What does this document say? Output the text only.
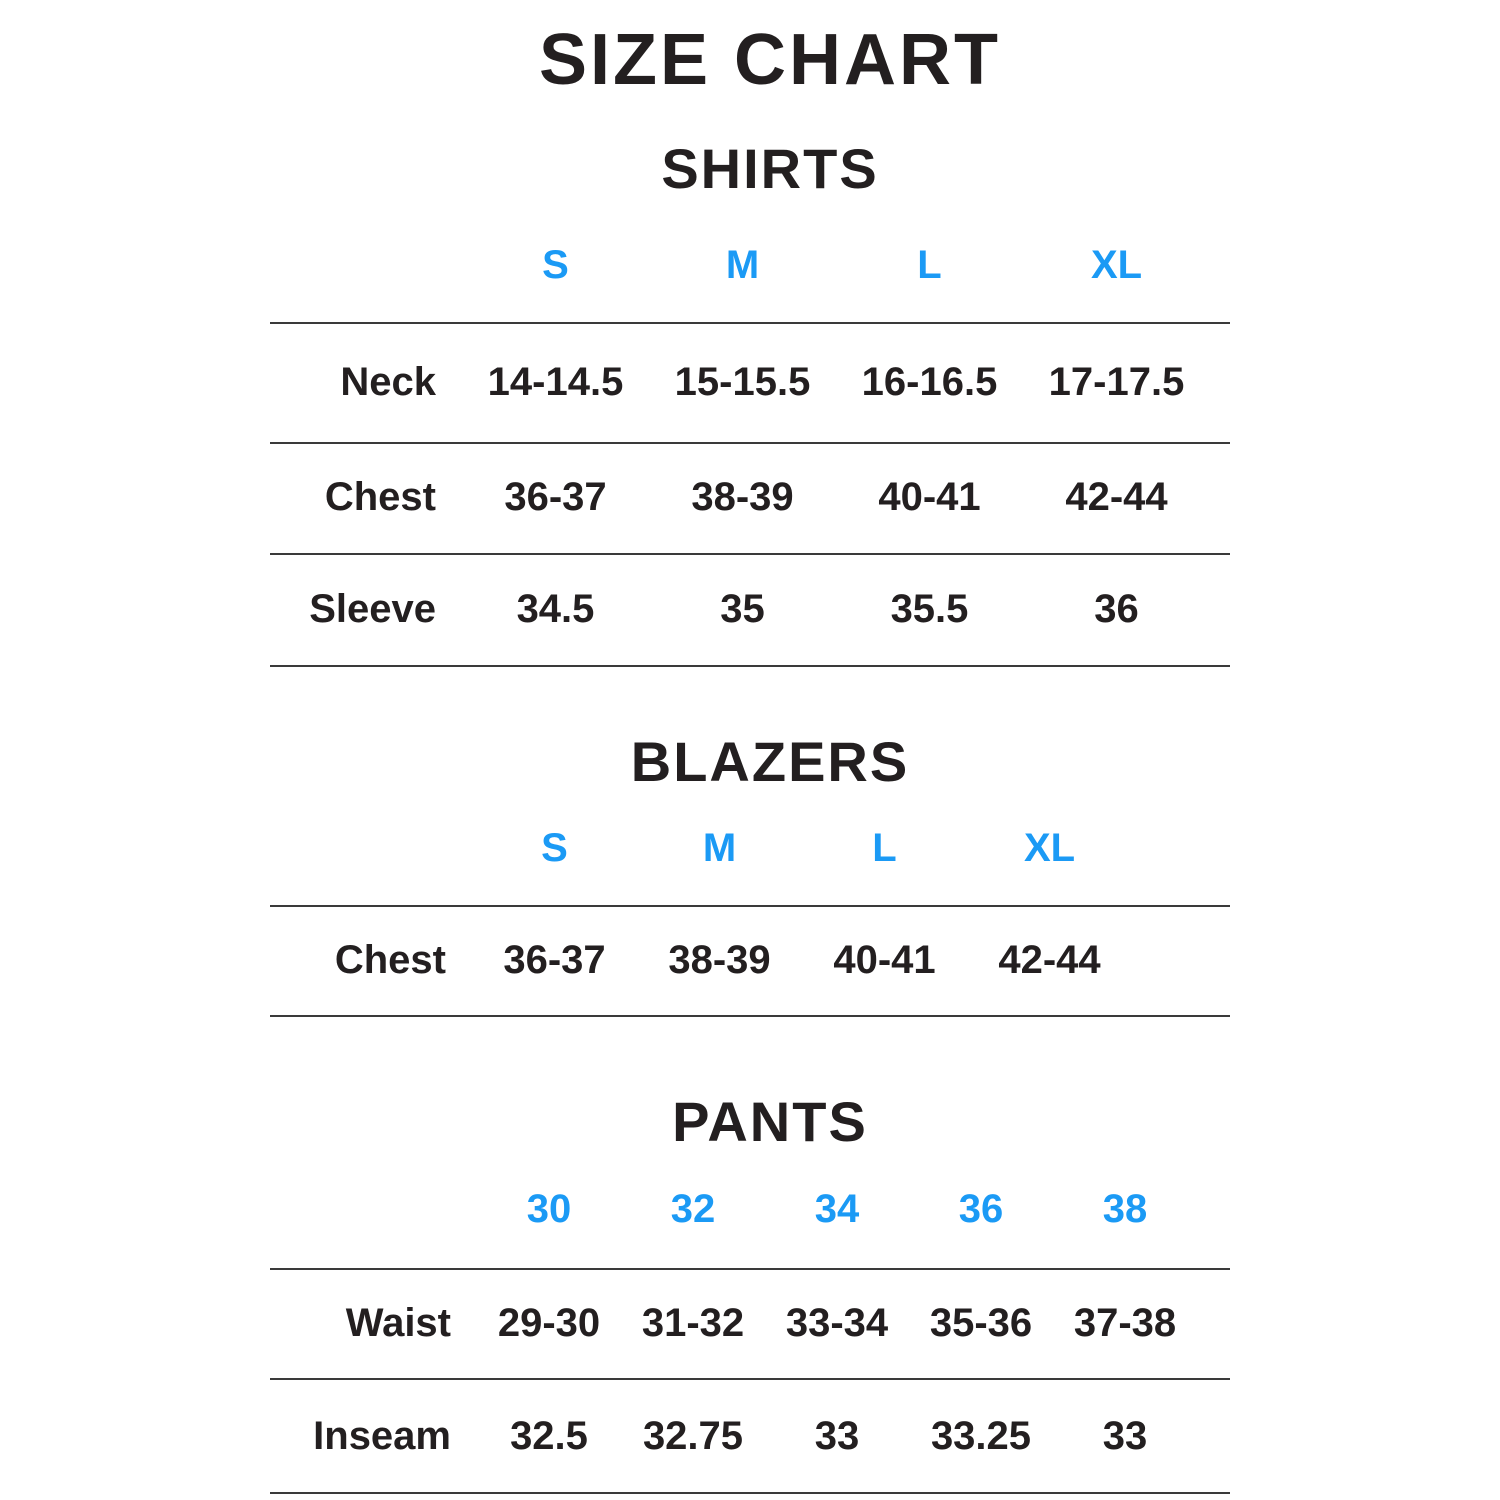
SIZE CHART
SHIRTS
S	M	L	XL
Neck	14-14.5	15-15.5	16-16.5	17-17.5
Chest	36-37	38-39	40-41	42-44
Sleeve	34.5	35	35.5	36
BLAZERS
S	M	L	XL
Chest	36-37	38-39	40-41	42-44
PANTS
30	32	34	36	38
Waist	29-30	31-32	33-34	35-36	37-38
Inseam	32.5	32.75	33	33.25	33
